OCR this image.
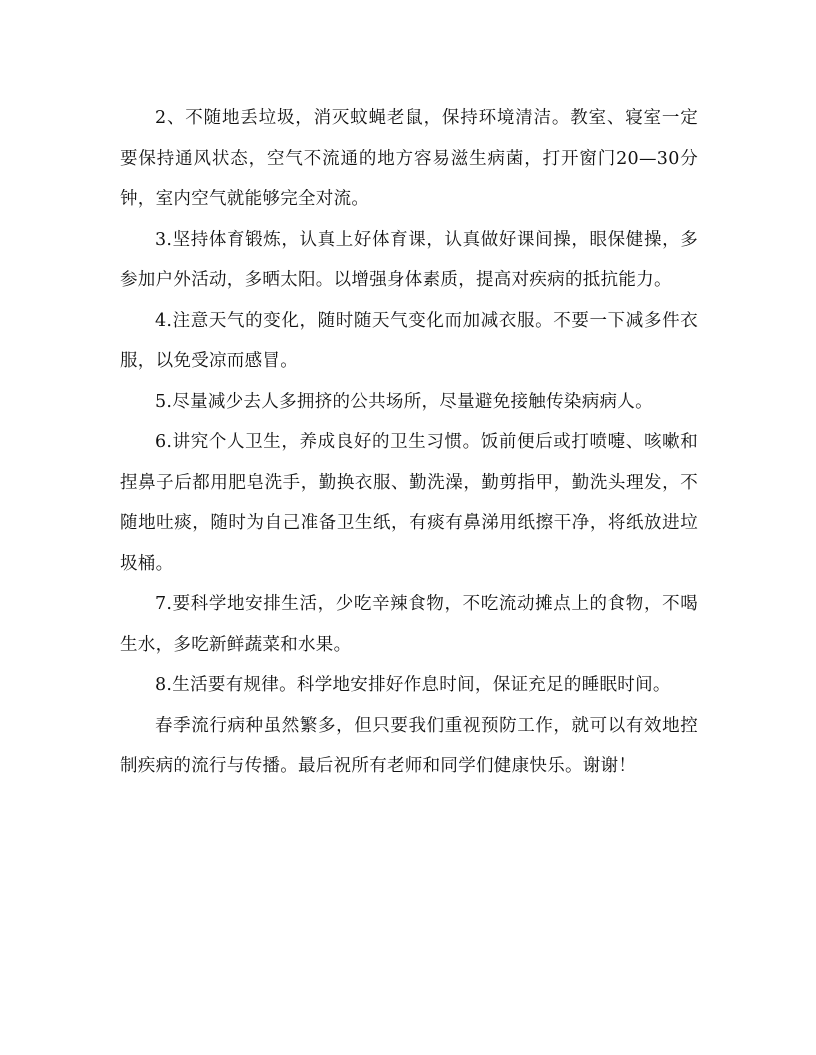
2、不随地丢垃圾，消灭蚊蝇老鼠，保持环境清洁。教室、寝室一定要保持通风状态，空气不流通的地方容易滋生病菌，打开窗门20—30分钟，室内空气就能够完全对流。

3.坚持体育锻炼，认真上好体育课，认真做好课间操，眼保健操，多参加户外活动，多晒太阳。以增强身体素质，提高对疾病的抵抗能力。

4.注意天气的变化，随时随天气变化而加减衣服。不要一下减多件衣服，以免受凉而感冒。

5.尽量减少去人多拥挤的公共场所，尽量避免接触传染病病人。

6.讲究个人卫生，养成良好的卫生习惯。饭前便后或打喷嚏、咳嗽和捏鼻子后都用肥皂洗手，勤换衣服、勤洗澡，勤剪指甲，勤洗头理发，不随地吐痰，随时为自己准备卫生纸，有痰有鼻涕用纸擦干净，将纸放进垃圾桶。

7.要科学地安排生活，少吃辛辣食物，不吃流动摊点上的食物，不喝生水，多吃新鲜蔬菜和水果。

8.生活要有规律。科学地安排好作息时间，保证充足的睡眠时间。

春季流行病种虽然繁多，但只要我们重视预防工作，就可以有效地控制疾病的流行与传播。最后祝所有老师和同学们健康快乐。谢谢！
